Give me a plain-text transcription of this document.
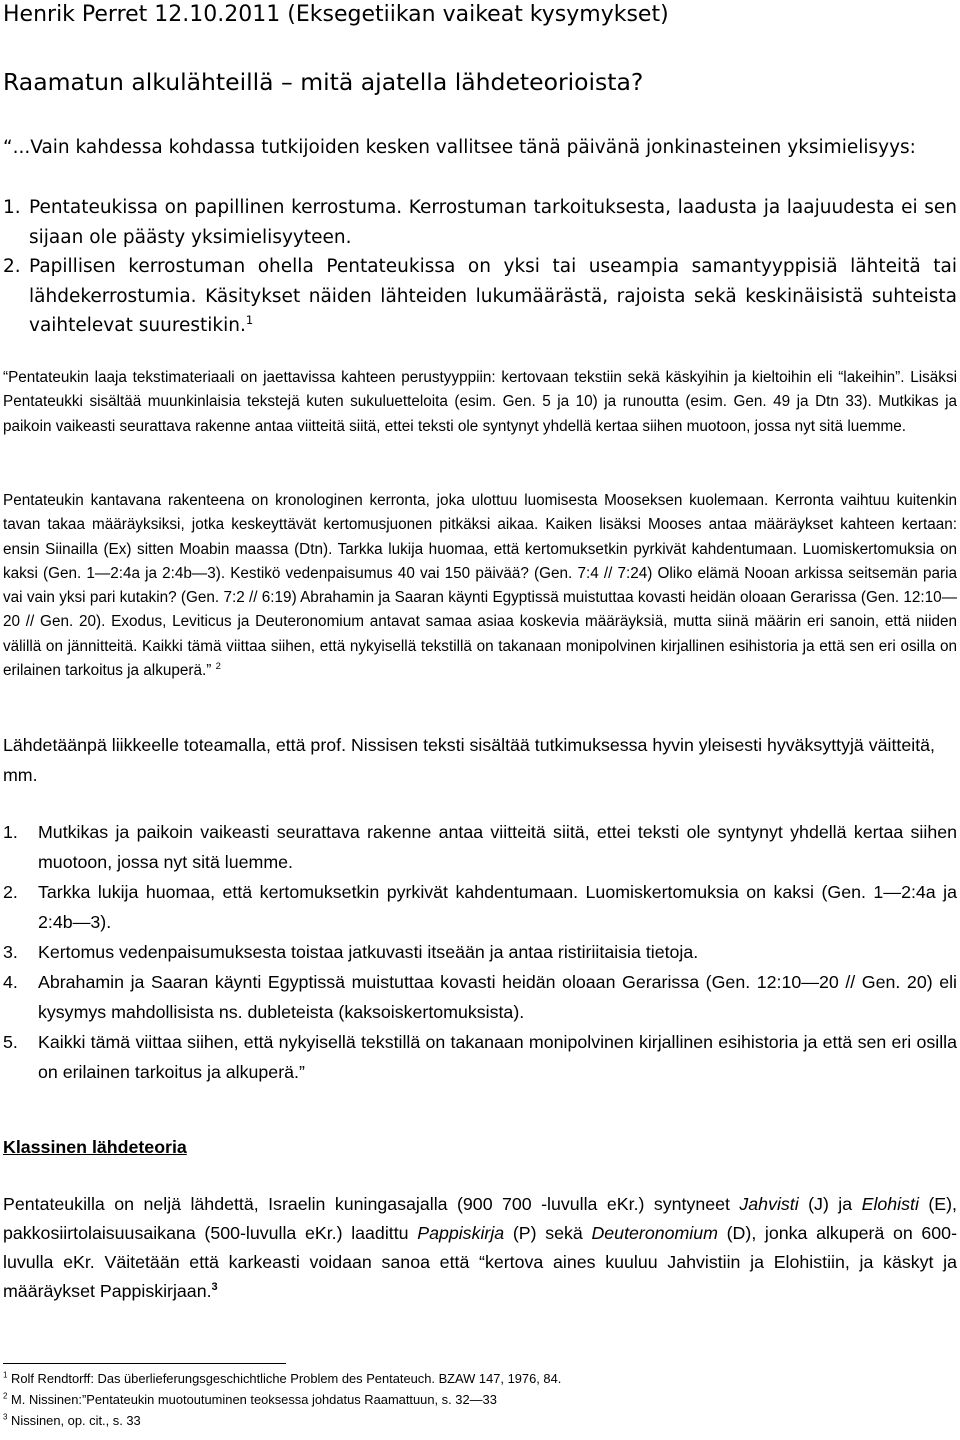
Henrik Perret 12.10.2011 (Eksegetiikan vaikeat kysymykset)

Raamatun alkulähteillä – mitä ajatella lähdeteorioista?

“...Vain kahdessa kohdassa tutkijoiden kesken vallitsee tänä päivänä jonkinasteinen yksimielisyys:

1. Pentateukissa on papillinen kerrostuma. Kerrostuman tarkoituksesta, laadusta ja laajuudesta ei sen sijaan ole päästy yksimielisyyteen.
2. Papillisen kerrostuman ohella Pentateukissa on yksi tai useampia samantyyppisiä lähteitä tai lähdekerrostumia. Käsitykset näiden lähteiden lukumäärästä, rajoista sekä keskinäisistä suhteista vaihtelevat suurestikin.$^1$

“Pentateukin laaja tekstimateriaali on jaettavissa kahteen perustyyppiin: kertovaan tekstiin sekä käskyihin ja kieltoihin eli “lakeihin”. Lisäksi Pentateukki sisältää muunkinlaisia tekstejä kuten sukuluetteloita (esim. Gen. 5 ja 10) ja runoutta (esim. Gen. 49 ja Dtn 33). Mutkikas ja paikoin vaikeasti seurattava rakenne antaa viitteitä siitä, ettei teksti ole syntynyt yhdellä kertaa siihen muotoon, jossa nyt sitä luemme.

Pentateukin kantavana rakenteena on kronologinen kerronta, joka ulottuu luomisesta Mooseksen kuolemaan. Kerronta vaihtuu kuitenkin tavan takaa määräyksiksi, jotka keskeyttävät kertomusjuonen pitkäksi aikaa. Kaiken lisäksi Mooses antaa määräykset kahteen kertaan: ensin Siinailla (Ex) sitten Moabin maassa (Dtn). Tarkka lukija huomaa, että kertomuksetkin pyrkivät kahdentumaan. Luomiskertomuksia on kaksi (Gen. 1—2:4a ja 2:4b—3). Kestikö vedenpaisumus 40 vai 150 päivää? (Gen. 7:4 // 7:24) Oliko elämä Nooan arkissa seitsemän paria vai vain yksi pari kutakin? (Gen. 7:2 // 6:19) Abrahamin ja Saaran käynti Egyptissä muistuttaa kovasti heidän oloaan Gerarissa (Gen. 12:10—20 // Gen. 20). Exodus, Leviticus ja Deuteronomium antavat samaa asiaa koskevia määräyksiä, mutta siinä määrin eri sanoin, että niiden välillä on jännitteitä. Kaikki tämä viittaa siihen, että nykyisellä tekstillä on takanaan monipolvinen kirjallinen esihistoria ja että sen eri osilla on erilainen tarkoitus ja alkuperä.” $^2$

Lähdetäänpä liikkeelle toteamalla, että prof. Nissisen teksti sisältää tutkimuksessa hyvin yleisesti hyväksyttyjä väitteitä, mm.

1. Mutkikas ja paikoin vaikeasti seurattava rakenne antaa viitteitä siitä, ettei teksti ole syntynyt yhdellä kertaa siihen muotoon, jossa nyt sitä luemme.
2. Tarkka lukija huomaa, että kertomuksetkin pyrkivät kahdentumaan. Luomiskertomuksia on kaksi (Gen. 1—2:4a ja 2:4b—3).
3. Kertomus vedenpaisumuksesta toistaa jatkuvasti itseään ja antaa ristiriitaisia tietoja.
4. Abrahamin ja Saaran käynti Egyptissä muistuttaa kovasti heidän oloaan Gerarissa (Gen. 12:10—20 // Gen. 20) eli kysymys mahdollisista ns. dubleteista (kaksoiskertomuksista).
5. Kaikki tämä viittaa siihen, että nykyisellä tekstillä on takanaan monipolvinen kirjallinen esihistoria ja että sen eri osilla on erilainen tarkoitus ja alkuperä.”

Klassinen lähdeteoria

Pentateukilla on neljä lähdettä, Israelin kuningasajalla (900 700 -luvulla eKr.) syntyneet Jahvisti (J) ja Elohisti (E), pakkosiirtolaisuusaikana (500-luvulla eKr.) laadittu Pappiskirja (P) sekä Deuteronomium (D), jonka alkuperä on 600-luvulla eKr. Väitetään että karkeasti voidaan sanoa että “kertova aines kuuluu Jahvistiin ja Elohistiin, ja käskyt ja määräykset Pappiskirjaan.$^3$

$^1$ Rolf Rendtorff: Das überlieferungsgeschichtliche Problem des Pentateuch. BZAW 147, 1976, 84.
$^2$ M. Nissinen:”Pentateukin muotoutuminen teoksessa johdatus Raamattuun, s. 32—33
$^3$ Nissinen, op. cit., s. 33
